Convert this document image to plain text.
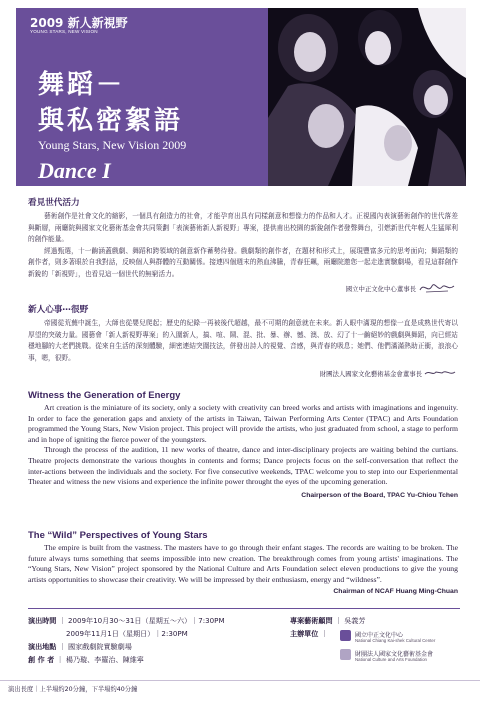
2009 新人新視野
YOUNG STARS, NEW VISION
舞蹈－
與私密絮語
Young Stars, New Vision 2009
Dance I
看見世代活力
藝術創作是社會文化的縮影，一個具有創造力的社會，才能孕育出具有同樣創意和想像力的作品和人才。正視國內表演藝術創作的世代落差與斷層，兩廳院與國家文化藝術基金會共同策劃「表演藝術新人新視野」專案，提供甫出校園的新銳創作者發聲舞台，引燃新世代年輕人生猛犀利的創作能量。
經過甄選，十一齣涵蓋戲劇、舞蹈和跨領域的創意新作蓄勢待發。戲劇類的創作者，在題材和形式上，展現豐富多元的思考面向；舞蹈類的創作者，則多著眼於自我對話，反映個人與群體的互動關係。接連四個週末的熱血沸騰，青春狂飆，兩廳院邀您一起走進實驗劇場，看見這群創作新銳的「新視野」，也看見這一個世代的無窮活力。
國立中正文化中心董事長
新人心事⋯很野
帝國從荒蕪中誕生，大師也從嬰兒爬起；歷史的紀錄一再被後代超越，最不可期的創意就在未來。新人眼中滿現的想像一直是成熟世代寄以厚望的突破力量。國藝會「新人新視野專案」的入圍新人，搞、喧、鬧、混、批、暴、辦、憾、澳、放、幻了十一齣絕妙的戲劇與舞蹈，向已經站穩地腳的大老們挑戰。從來自生活的深刻體驗，細密連結突圍技法，併發出詩人的視覺、音感，與青春的吸息；她們、他們滿滿熱助正衝，浪浪心事，嗯，很野。
財團法人國家文化藝術基金會董事長
Witness the Generation of Energy
Art creation is the miniature of its society, only a society with creativity can breed works and artists with imaginations and ingenuity. In order to face the generation gaps and anxiety of the artists in Taiwan, Taiwan Performing Arts Center (TPAC) and Arts Foundation programmed the Young Stars, New Vision project. This project will provide the artists, who just graduated from school, a stage to perform and in hope of igniting the fierce power of the youngsters.
Through the process of the audition, 11 new works of theatre, dance and inter-disciplinary projects are waiting behind the curtians. Theatre projects demonstrate the various thoughts in contents and forms; Dance projects focus on the self-conversation that reflect the inter-actions between the individuals and the society. For five consecutive weekends, TPAC welcome you to step into our Experienmental Theater and witness the new visions and experience the infinite power throught the eyes of the upcoming generation.
Chairperson of the Board, TPAC Yu-Chiou Tchen
The “Wild” Perspectives of Young Stars
The empire is built from the vastness. The masters have to go through their enfant stages. The records are waiting to be broken. The future always turns something that seems impossible into new creation. The breakthrough comes from young artists' imaginations. The “Young Stars, New Vision” project sponsored by the National Culture and Arts Foundation select eleven productions to give the young artists opportunities to showcase their creativity. We will be impressed by their enthusiasm, energy and “wildness”.
Chairman of NCAF Huang Ming-Chuan
演出時間 ｜ 2009年10月30～31日（星期五～六）｜7:30PM
2009年11月1日（星期日）｜2:30PM
演出地點 ｜ 國家戲劇院實驗劇場
創 作 者 ｜ 楊乃璇、李羅治、陳維寧
專案藝術顧問 ｜ 吳義芳
主辦單位 ｜	國立中正文化中心
National Chiang Kai-shek Cultural Center
財團法人國家文化藝術基金會
National Culture and Arts Foundation
演出長度｜上半場約20分鐘，下半場約40分鐘
